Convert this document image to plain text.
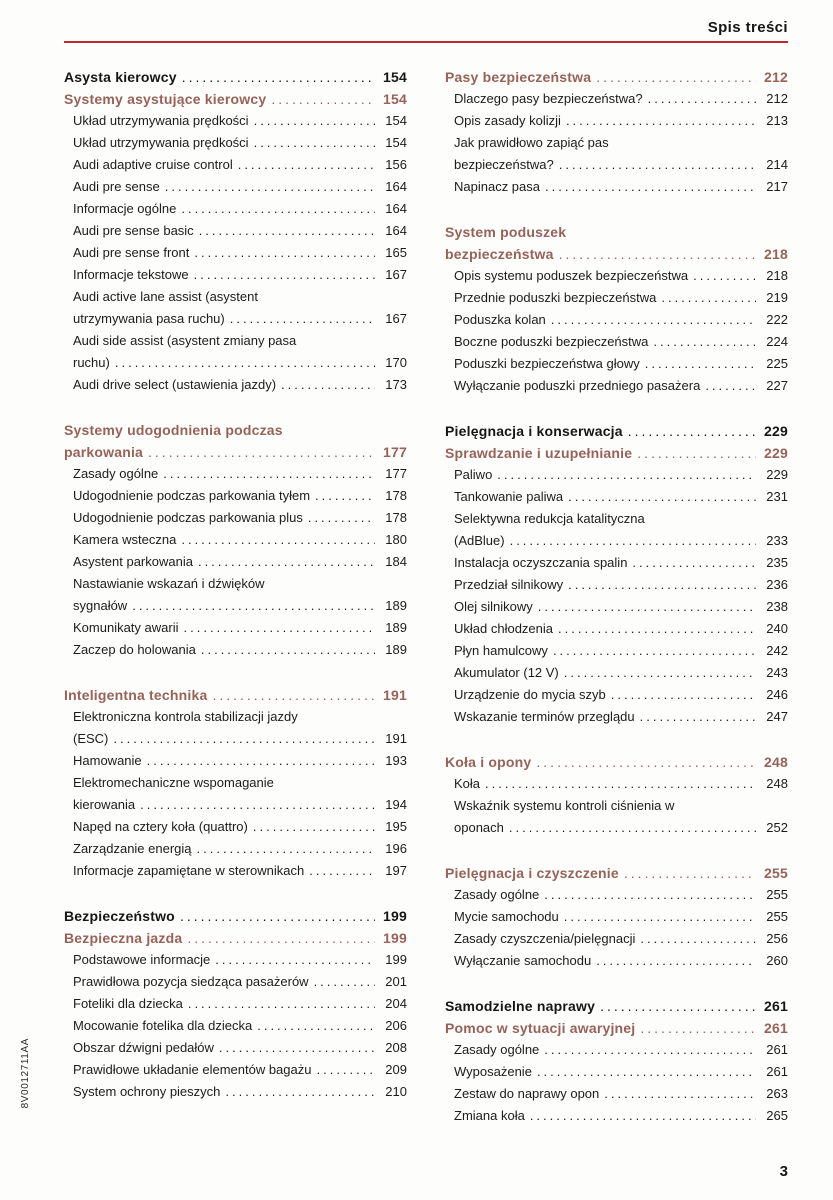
Spis treści
Asysta kierowcy .....	154
Systemy asystujące kierowcy .....	154
Układ utrzymywania prędkości .....	154
Układ utrzymywania prędkości .....	154
Audi adaptive cruise control .....	156
Audi pre sense .....	164
Informacje ogólne .....	164
Audi pre sense basic .....	164
Audi pre sense front .....	165
Informacje tekstowe .....	167
Audi active lane assist (asystent
utrzymywania pasa ruchu) .....	167
Audi side assist (asystent zmiany pasa
ruchu) .....	170
Audi drive select (ustawienia jazdy) .....	173
Systemy udogodnienia podczas
parkowania .....	177
Zasady ogólne .....	177
Udogodnienie podczas parkowania tyłem .....	178
Udogodnienie podczas parkowania plus .....	178
Kamera wsteczna .....	180
Asystent parkowania .....	184
Nastawianie wskazań i dźwięków
sygnałów .....	189
Komunikaty awarii .....	189
Zaczep do holowania .....	189
Inteligentna technika .....	191
Elektroniczna kontrola stabilizacji jazdy
(ESC) .....	191
Hamowanie .....	193
Elektromechaniczne wspomaganie
kierowania .....	194
Napęd na cztery koła (quattro) .....	195
Zarządzanie energią .....	196
Informacje zapamiętane w sterownikach .....	197
Bezpieczeństwo .....	199
Bezpieczna jazda .....	199
Podstawowe informacje .....	199
Prawidłowa pozycja siedząca pasażerów .....	201
Foteliki dla dziecka .....	204
Mocowanie fotelika dla dziecka .....	206
Obszar dźwigni pedałów .....	208
Prawidłowe układanie elementów bagażu .....	209
System ochrony pieszych .....	210
Pasy bezpieczeństwa .....	212
Dlaczego pasy bezpieczeństwa? .....	212
Opis zasady kolizji .....	213
Jak prawidłowo zapiąć pas
bezpieczeństwa? .....	214
Napinacz pasa .....	217
System poduszek
bezpieczeństwa .....	218
Opis systemu poduszek bezpieczeństwa .....	218
Przednie poduszki bezpieczeństwa .....	219
Poduszka kolan .....	222
Boczne poduszki bezpieczeństwa .....	224
Poduszki bezpieczeństwa głowy .....	225
Wyłączanie poduszki przedniego pasażera .....	227
Pielęgnacja i konserwacja .....	229
Sprawdzanie i uzupełnianie .....	229
Paliwo .....	229
Tankowanie paliwa .....	231
Selektywna redukcja katalityczna
(AdBlue) .....	233
Instalacja oczyszczania spalin .....	235
Przedział silnikowy .....	236
Olej silnikowy .....	238
Układ chłodzenia .....	240
Płyn hamulcowy .....	242
Akumulator (12 V) .....	243
Urządzenie do mycia szyb .....	246
Wskazanie terminów przeglądu .....	247
Koła i opony .....	248
Koła .....	248
Wskaźnik systemu kontroli ciśnienia w
oponach .....	252
Pielęgnacja i czyszczenie .....	255
Zasady ogólne .....	255
Mycie samochodu .....	255
Zasady czyszczenia/pielęgnacji .....	256
Wyłączanie samochodu .....	260
Samodzielne naprawy .....	261
Pomoc w sytuacji awaryjnej .....	261
Zasady ogólne .....	261
Wyposażenie .....	261
Zestaw do naprawy opon .....	263
Zmiana koła .....	265
8V0012711AA
3
